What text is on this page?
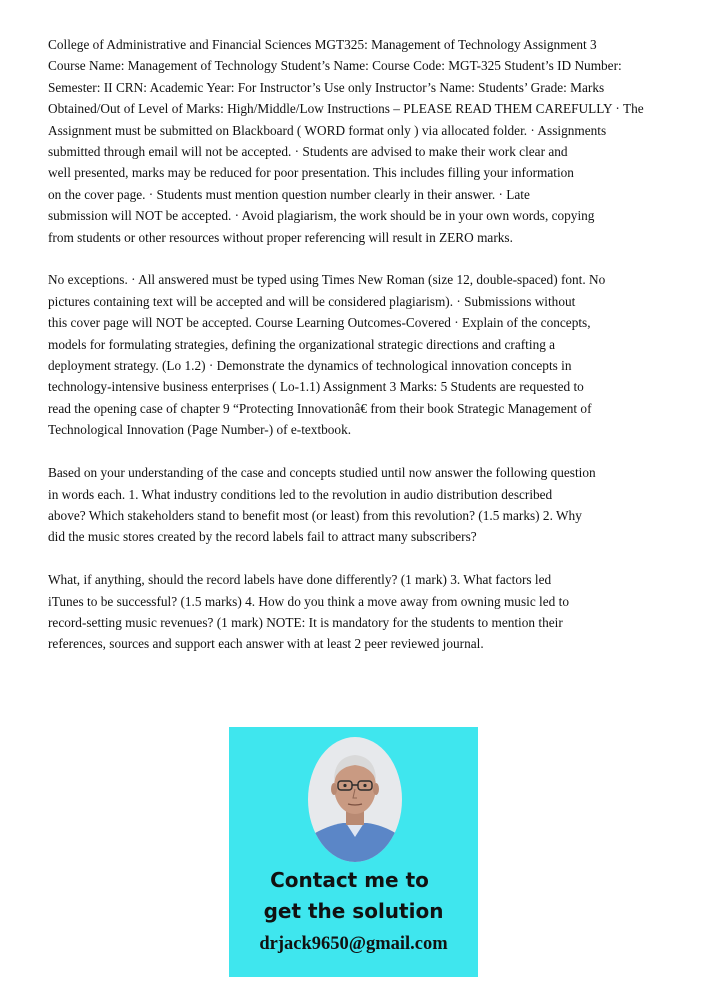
College of Administrative and Financial Sciences MGT325: Management of Technology Assignment 3
Course Name: Management of Technology Student’s Name: Course Code: MGT-325 Student’s ID Number:
Semester: II CRN: Academic Year: For Instructor’s Use only Instructor’s Name: Students’ Grade: Marks
Obtained/Out of Level of Marks: High/Middle/Low Instructions – PLEASE READ THEM CAREFULLY · The
Assignment must be submitted on Blackboard ( WORD format only ) via allocated folder. · Assignments
submitted through email will not be accepted. · Students are advised to make their work clear and
well presented, marks may be reduced for poor presentation. This includes filling your information
on the cover page. · Students must mention question number clearly in their answer. · Late
submission will NOT be accepted. · Avoid plagiarism, the work should be in your own words, copying
from students or other resources without proper referencing will result in ZERO marks.
No exceptions. · All answered must be typed using Times New Roman (size 12, double-spaced) font. No
pictures containing text will be accepted and will be considered plagiarism). · Submissions without
this cover page will NOT be accepted. Course Learning Outcomes-Covered · Explain of the concepts,
models for formulating strategies, defining the organizational strategic directions and crafting a
deployment strategy. (Lo 1.2) · Demonstrate the dynamics of technological innovation concepts in
technology-intensive business enterprises ( Lo-1.1) Assignment 3 Marks: 5 Students are requested to
read the opening case of chapter 9 “Protecting Innovationâ€ from their book Strategic Management of
Technological Innovation (Page Number-) of e-textbook.
Based on your understanding of the case and concepts studied until now answer the following question
in words each. 1. What industry conditions led to the revolution in audio distribution described
above? Which stakeholders stand to benefit most (or least) from this revolution? (1.5 marks) 2. Why
did the music stores created by the record labels fail to attract many subscribers?
What, if anything, should the record labels have done differently? (1 mark) 3. What factors led
iTunes to be successful? (1.5 marks) 4. How do you think a move away from owning music led to
record-setting music revenues? (1 mark) NOTE: It is mandatory for the students to mention their
references, sources and support each answer with at least 2 peer reviewed journal.
Contact me to
get the solution
drjack9650@gmail.com
